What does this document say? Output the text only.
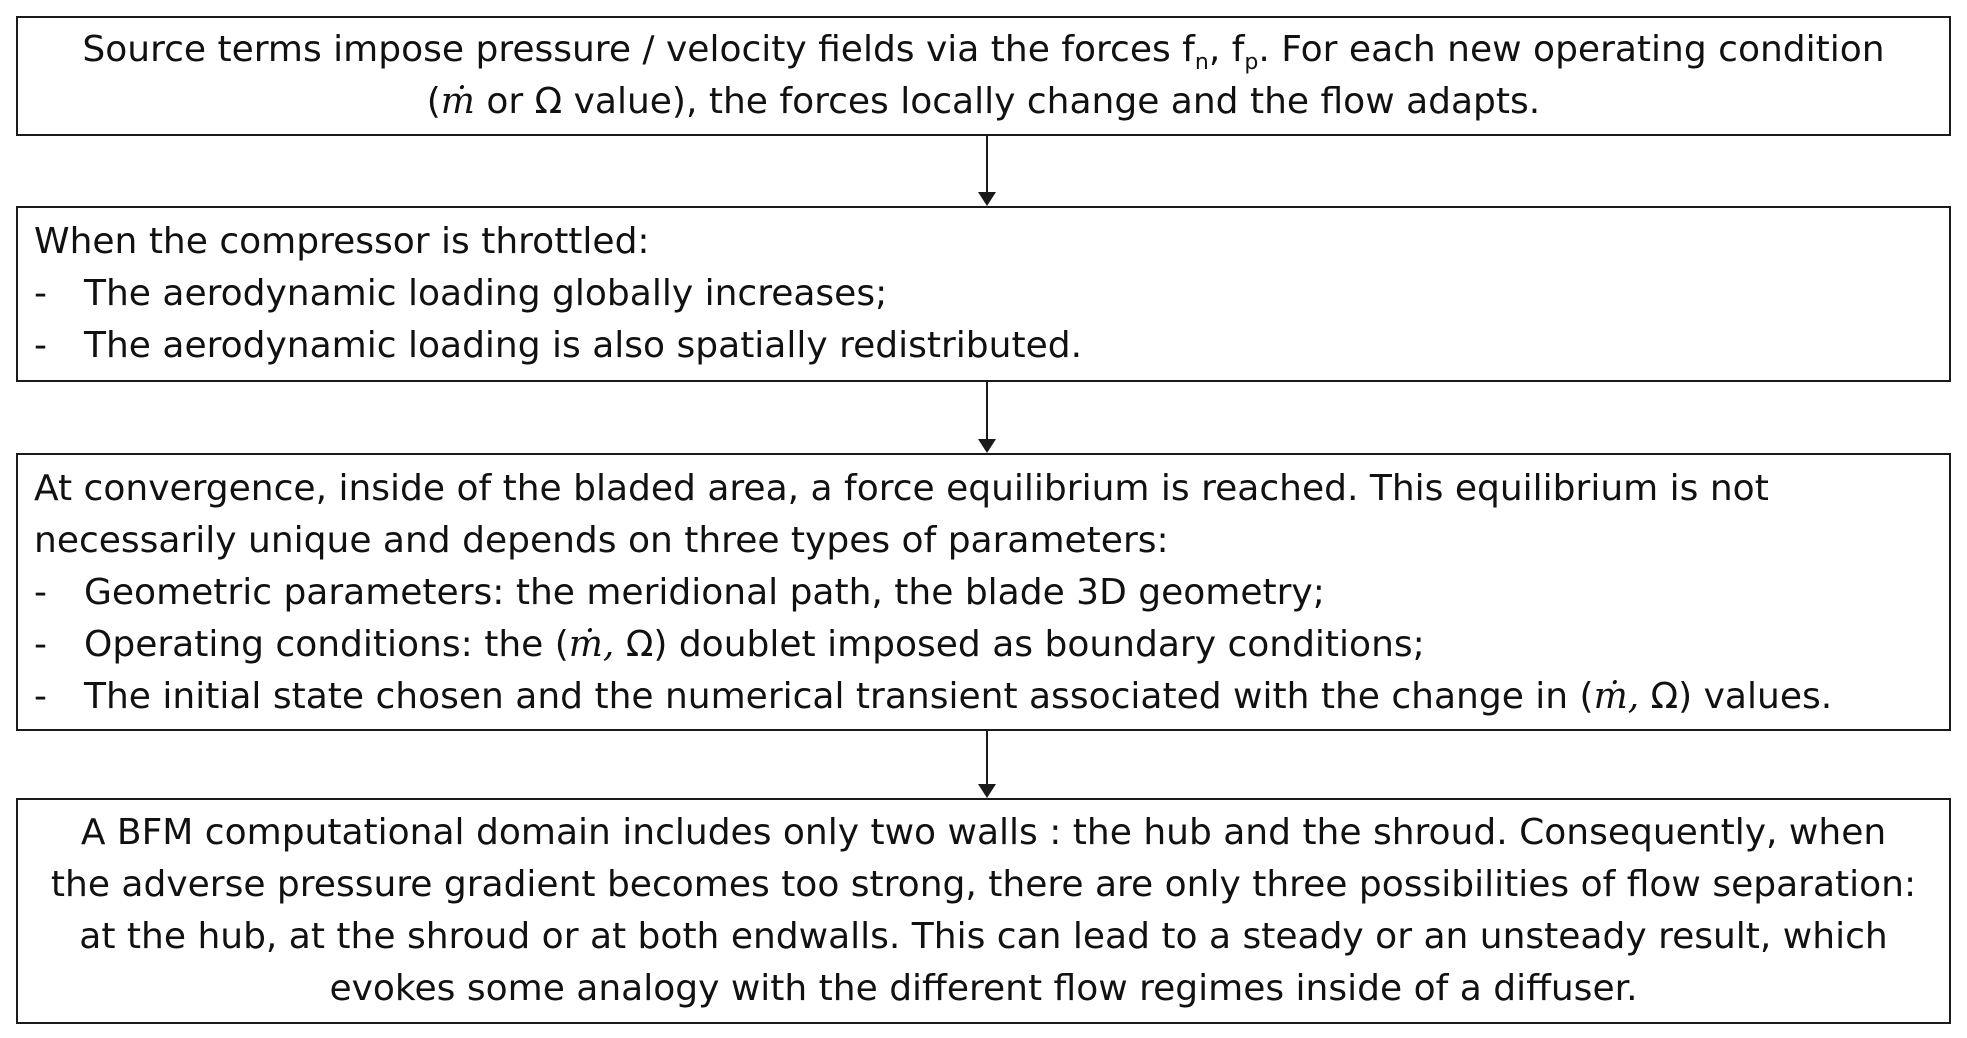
Source terms impose pressure / velocity fields via the forces $f_n$, $f_p$. For each new operating condition
(ṁ or Ω value), the forces locally change and the flow adapts.
When the compressor is throttled:
- The aerodynamic loading globally increases;
- The aerodynamic loading is also spatially redistributed.
At convergence, inside of the bladed area, a force equilibrium is reached. This equilibrium is not
necessarily unique and depends on three types of parameters:
- Geometric parameters: the meridional path, the blade 3D geometry;
- Operating conditions: the (ṁ, Ω) doublet imposed as boundary conditions;
- The initial state chosen and the numerical transient associated with the change in (ṁ, Ω) values.
A BFM computational domain includes only two walls : the hub and the shroud. Consequently, when
the adverse pressure gradient becomes too strong, there are only three possibilities of flow separation:
at the hub, at the shroud or at both endwalls. This can lead to a steady or an unsteady result, which
evokes some analogy with the different flow regimes inside of a diffuser.
